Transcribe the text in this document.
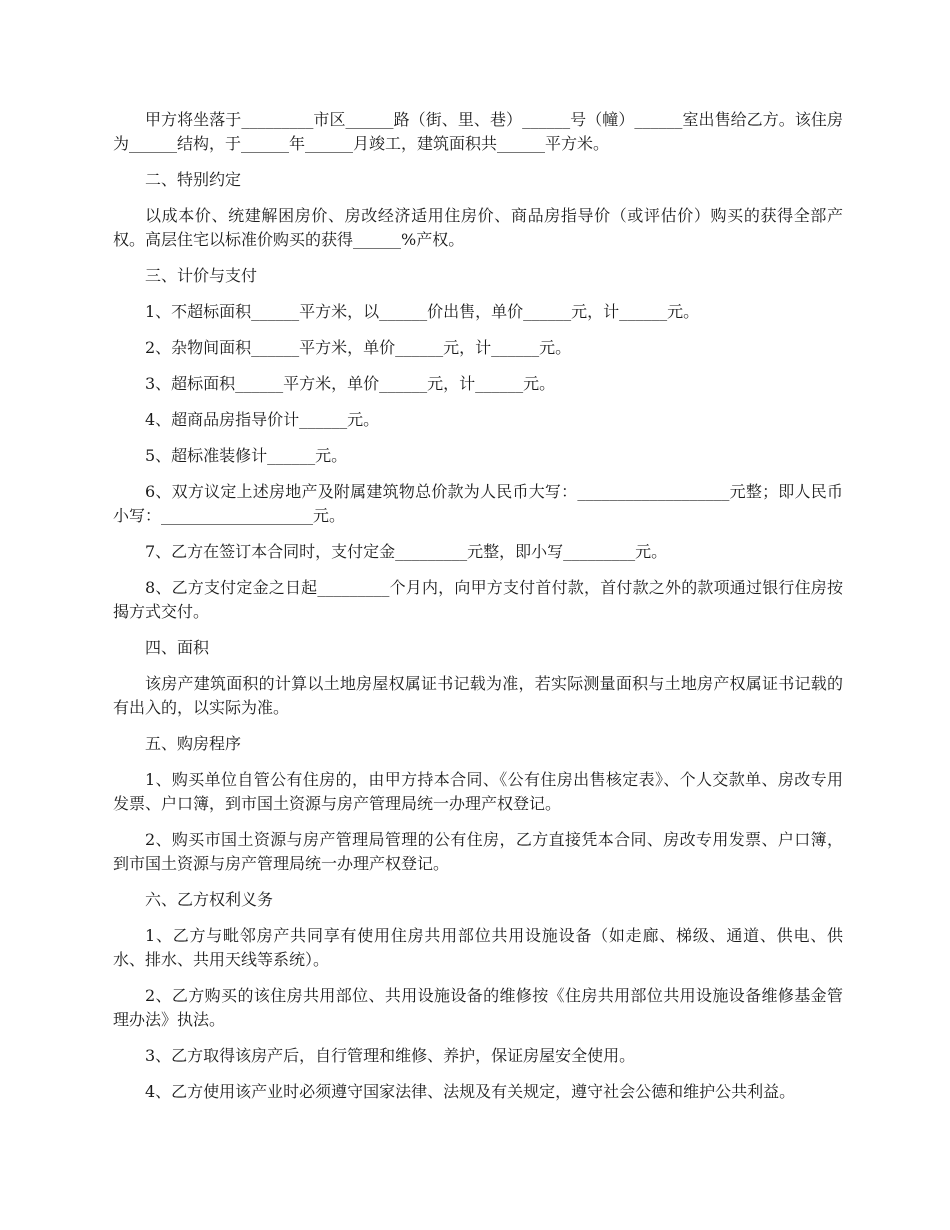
甲方将坐落于_________市区______路（街、里、巷）______号（幢）______室出售给乙方。该住房为______结构，于______年______月竣工，建筑面积共______平方米。

二、特别约定

以成本价、统建解困房价、房改经济适用住房价、商品房指导价（或评估价）购买的获得全部产权。高层住宅以标准价购买的获得______%产权。

三、计价与支付

1、不超标面积______平方米，以______价出售，单价______元，计______元。

2、杂物间面积______平方米，单价______元，计______元。

3、超标面积______平方米，单价______元，计______元。

4、超商品房指导价计______元。

5、超标准装修计______元。

6、双方议定上述房地产及附属建筑物总价款为人民币大写：___________________元整；即人民币小写：___________________元。

7、乙方在签订本合同时，支付定金_________元整，即小写_________元。

8、乙方支付定金之日起_________个月内，向甲方支付首付款，首付款之外的款项通过银行住房按揭方式交付。

四、面积

该房产建筑面积的计算以土地房屋权属证书记载为准，若实际测量面积与土地房产权属证书记载的有出入的，以实际为准。

五、购房程序

1、购买单位自管公有住房的，由甲方持本合同、《公有住房出售核定表》、个人交款单、房改专用发票、户口簿，到市国土资源与房产管理局统一办理产权登记。

2、购买市国土资源与房产管理局管理的公有住房，乙方直接凭本合同、房改专用发票、户口簿，到市国土资源与房产管理局统一办理产权登记。

六、乙方权利义务

1、乙方与毗邻房产共同享有使用住房共用部位共用设施设备（如走廊、梯级、通道、供电、供水、排水、共用天线等系统）。

2、乙方购买的该住房共用部位、共用设施设备的维修按《住房共用部位共用设施设备维修基金管理办法》执法。

3、乙方取得该房产后，自行管理和维修、养护，保证房屋安全使用。

4、乙方使用该产业时必须遵守国家法律、法规及有关规定，遵守社会公德和维护公共利益。
